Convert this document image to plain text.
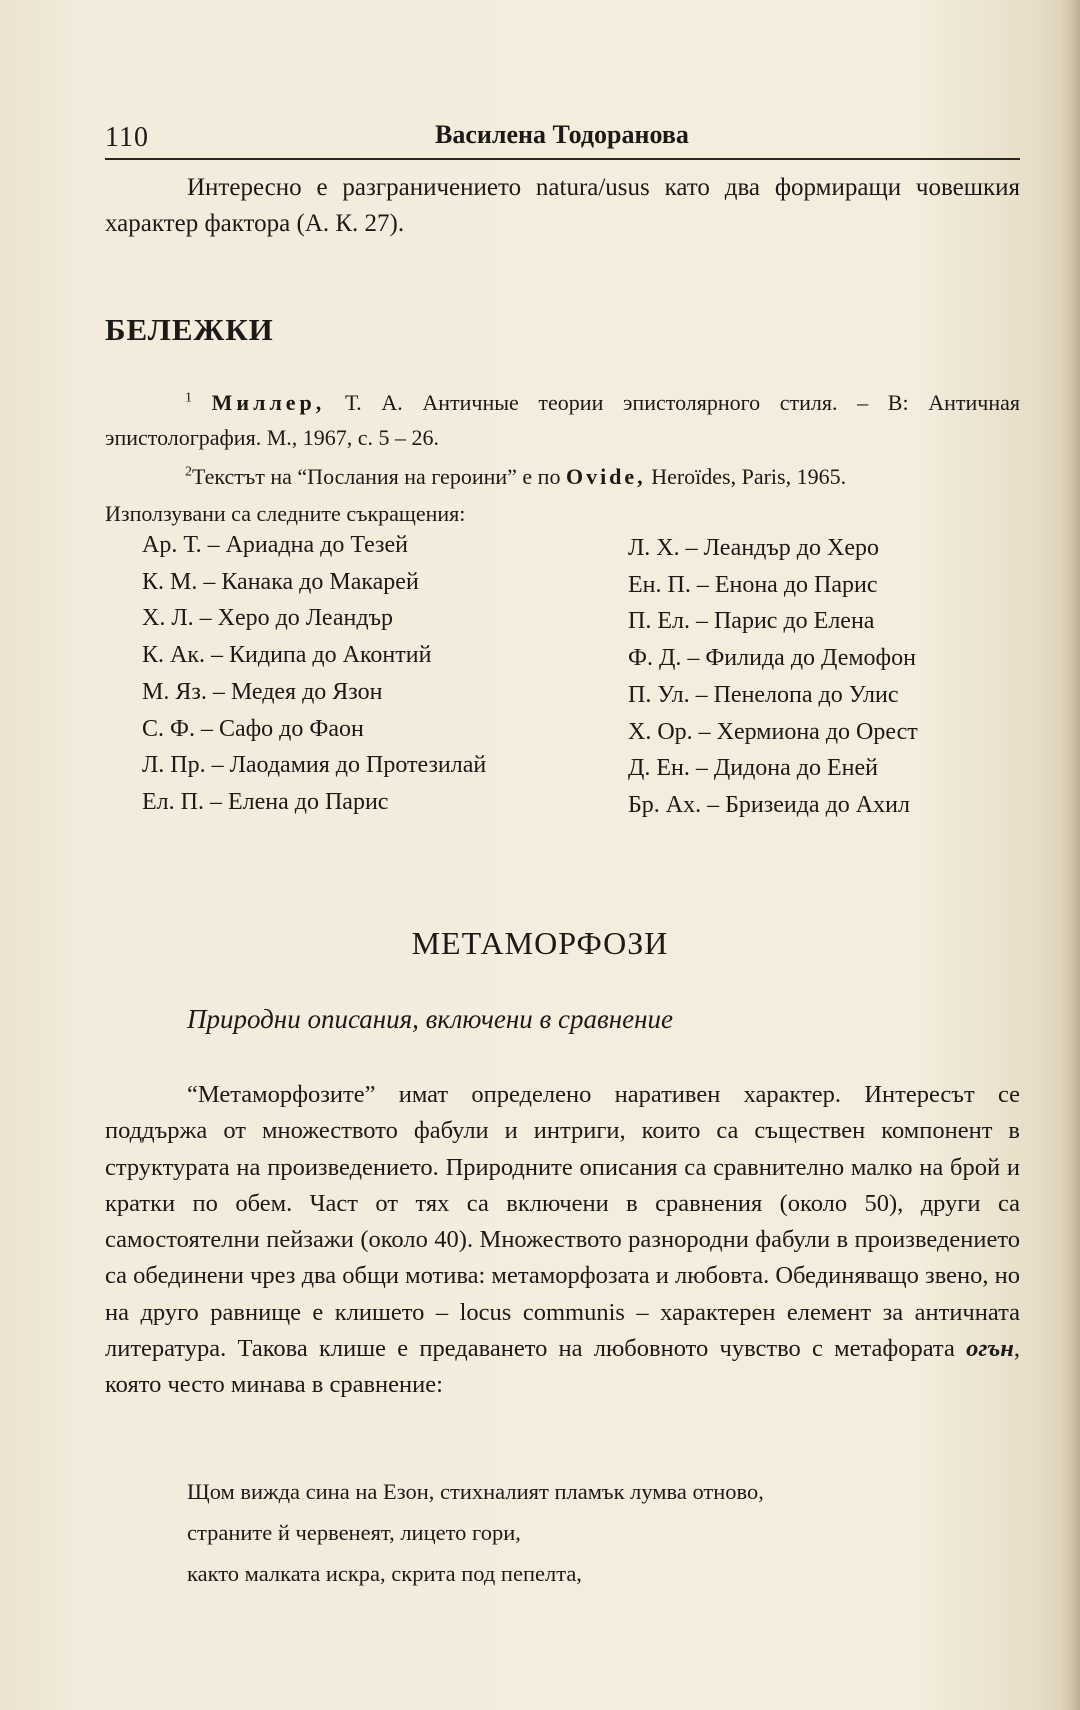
110	Василена Тодоранова
Интересно е разграничението natura/usus като два формиращи човешкия характер фактора (А. К. 27).
БЕЛЕЖКИ
$^1$ Миллер, Т. А. Античные теории эпистолярного стиля. – В: Античная эпистолография. М., 1967, с. 5 – 26.
$^2$Текстът на “Послания на героини” е по Ovide, Heroïdes, Paris, 1965.
Използувани са следните съкращения:
Ар. Т. – Ариадна до Тезей
К. М. – Канака до Макарей
Х. Л. – Херо до Леандър
К. Ак. – Кидипа до Аконтий
М. Яз. – Медея до Язон
С. Ф. – Сафо до Фаон
Л. Пр. – Лаодамия до Протезилай
Ел. П. – Елена до Парис
Л. Х. – Леандър до Херо
Ен. П. – Енона до Парис
П. Ел. – Парис до Елена
Ф. Д. – Филида до Демофон
П. Ул. – Пенелопа до Улис
Х. Ор. – Хермиона до Орест
Д. Ен. – Дидона до Еней
Бр. Ах. – Бризеида до Ахил
МЕТАМОРФОЗИ
Природни описания, включени в сравнение
“Метаморфозите” имат определено наративен характер. Интересът се поддържа от множеството фабули и интриги, които са съществен компонент в структурата на произведението. Природните описания са сравнително малко на брой и кратки по обем. Част от тях са включени в сравнения (около 50), други са самостоятелни пейзажи (около 40). Множеството разнородни фабули в произведението са обединени чрез два общи мотива: метаморфозата и любовта. Обединяващо звено, но на друго равнище е клишето – locus communis – характерен елемент за античната литература. Такова клише е предаването на любовното чувство с метафората огън, която често минава в сравнение:
Щом вижда сина на Езон, стихналият пламък лумва отново,
страните й червенеят, лицето гори,
както малката искра, скрита под пепелта,
